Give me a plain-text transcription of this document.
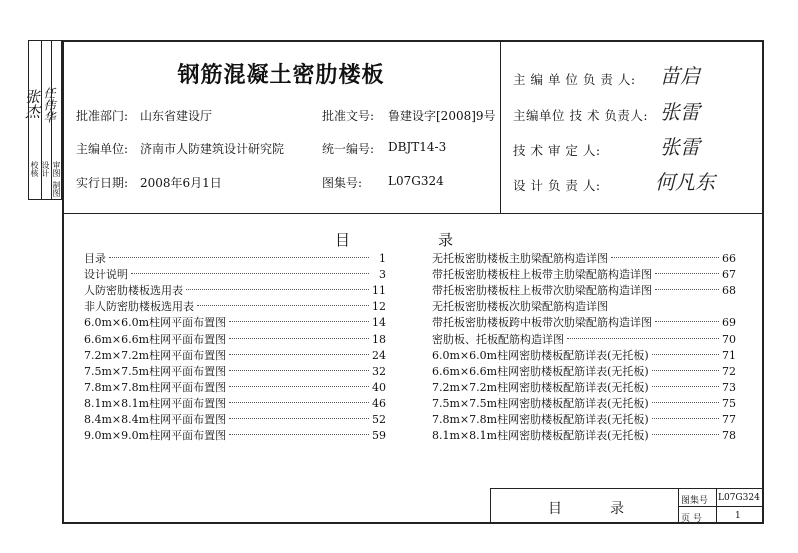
校核 设计 审图
制图
张杰 任伟华
钢筋混凝土密肋楼板
批准部门: 山东省建设厅	批准文号: 鲁建设字[2008]9号
主编单位: 济南市人防建筑设计研究院	统一编号: DBJT14-3
实行日期: 2008年6月1日	图集号: L07G324
主 编 单 位 负 责 人: 苗启
主编单位 技 术 负责人: 张雷
技 术 审 定 人:	张雷
设 计 负 责 人:	何凡东
目	录
目录	1
设计说明	3
人防密肋楼板选用表	11
非人防密肋楼板选用表	12
6.0m×6.0m柱网平面布置图	14
6.6m×6.6m柱网平面布置图	18
7.2m×7.2m柱网平面布置图	24
7.5m×7.5m柱网平面布置图	32
7.8m×7.8m柱网平面布置图	40
8.1m×8.1m柱网平面布置图	46
8.4m×8.4m柱网平面布置图	52
9.0m×9.0m柱网平面布置图	59
无托板密肋楼板主肋梁配筋构造详图	66
带托板密肋楼板柱上板带主肋梁配筋构造详图	67
带托板密肋楼板柱上板带次肋梁配筋构造详图	68
无托板密肋楼板次肋梁配筋构造详图
带托板密肋楼板跨中板带次肋梁配筋构造详图	69
密肋板、托板配筋构造详图	70
6.0m×6.0m柱网密肋楼板配筋详表(无托板)	71
6.6m×6.6m柱网密肋楼板配筋详表(无托板)	72
7.2m×7.2m柱网密肋楼板配筋详表(无托板)	73
7.5m×7.5m柱网密肋楼板配筋详表(无托板)	75
7.8m×7.8m柱网密肋楼板配筋详表(无托板)	77
8.1m×8.1m柱网密肋楼板配筋详表(无托板)	78
目	录	图集号 L07G324
页 号	1
